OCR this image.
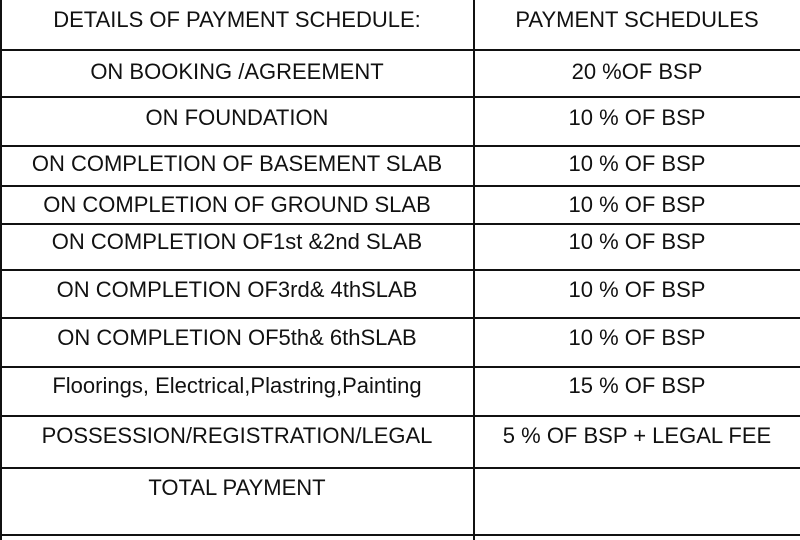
DETAILS OF PAYMENT SCHEDULE:	PAYMENT SCHEDULES
ON BOOKING /AGREEMENT	20 %OF BSP
ON FOUNDATION	10 % OF BSP
ON COMPLETION OF BASEMENT SLAB	10 % OF BSP
ON COMPLETION OF GROUND SLAB	10 % OF BSP
ON COMPLETION OF1st &2nd SLAB	10 % OF BSP
ON COMPLETION OF3rd& 4thSLAB	10 % OF BSP
ON COMPLETION OF5th& 6thSLAB	10 % OF BSP
Floorings, Electrical,Plastring,Painting	15 % OF BSP
POSSESSION/REGISTRATION/LEGAL	5 % OF BSP + LEGAL FEE
TOTAL PAYMENT
